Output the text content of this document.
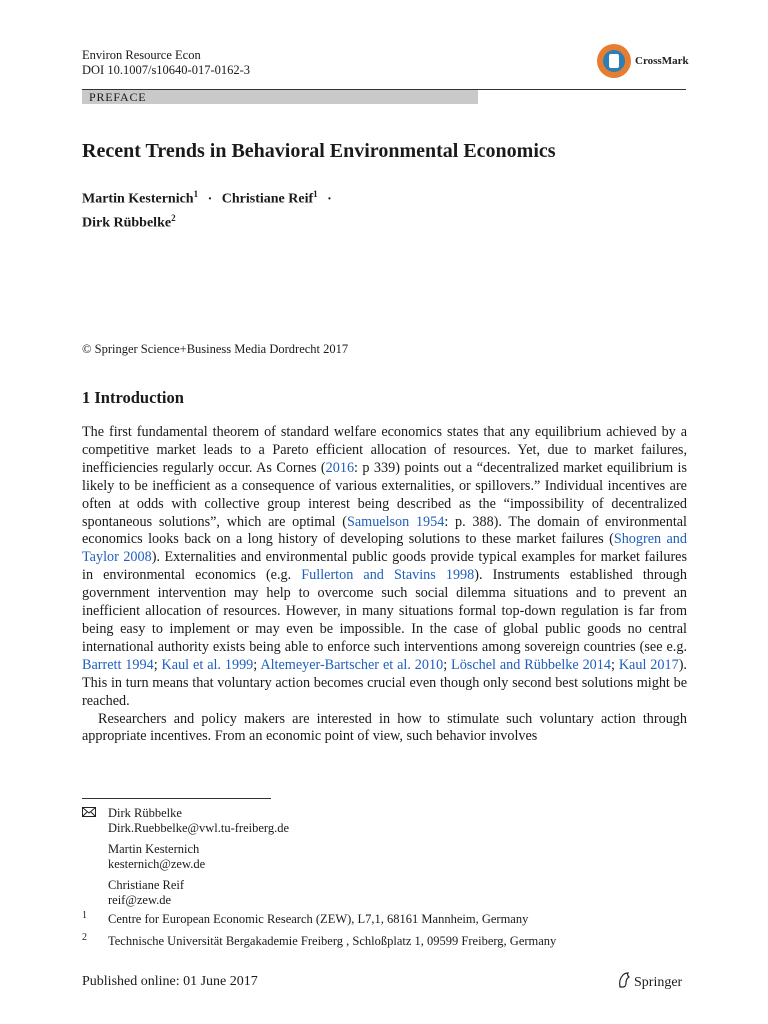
Environ Resource Econ
DOI 10.1007/s10640-017-0162-3
CrossMark
PREFACE
Recent Trends in Behavioral Environmental Economics
Martin Kesternich$^1$ · Christiane Reif$^1$ ·
Dirk Rübbelke$^2$
© Springer Science+Business Media Dordrecht 2017
1 Introduction

The first fundamental theorem of standard welfare economics states that any equilibrium achieved by a competitive market leads to a Pareto efficient allocation of resources. Yet, due to market failures, inefficiencies regularly occur. As Cornes (2016: p 339) points out a “decentralized market equilibrium is likely to be inefficient as a consequence of various externalities, or spillovers.” Individual incentives are often at odds with collective group interest being described as the “impossibility of decentralized spontaneous solutions”, which are optimal (Samuelson 1954: p. 388). The domain of environmental economics looks back on a long history of developing solutions to these market failures (Shogren and Taylor 2008). Externalities and environmental public goods provide typical examples for market failures in environmental economics (e.g. Fullerton and Stavins 1998). Instruments established through government intervention may help to overcome such social dilemma situations and to prevent an inefficient allocation of resources. However, in many situations formal top-down regulation is far from being easy to implement or may even be impossible. In the case of global public goods no central international authority exists being able to enforce such interventions among sovereign countries (see e.g. Barrett 1994; Kaul et al. 1999; Altemeyer-Bartscher et al. 2010; Löschel and Rübbelke 2014; Kaul 2017). This in turn means that voluntary action becomes crucial even though only second best solutions might be reached.

Researchers and policy makers are interested in how to stimulate such voluntary action through appropriate incentives. From an economic point of view, such behavior involves

Dirk Rübbelke
Dirk.Ruebbelke@vwl.tu-freiberg.de
Martin Kesternich
kesternich@zew.de
Christiane Reif
reif@zew.de
1	Centre for European Economic Research (ZEW), L7,1, 68161 Mannheim, Germany
2	Technische Universität Bergakademie Freiberg , Schloßplatz 1, 09599 Freiberg, Germany
Published online: 01 June 2017	Springer
